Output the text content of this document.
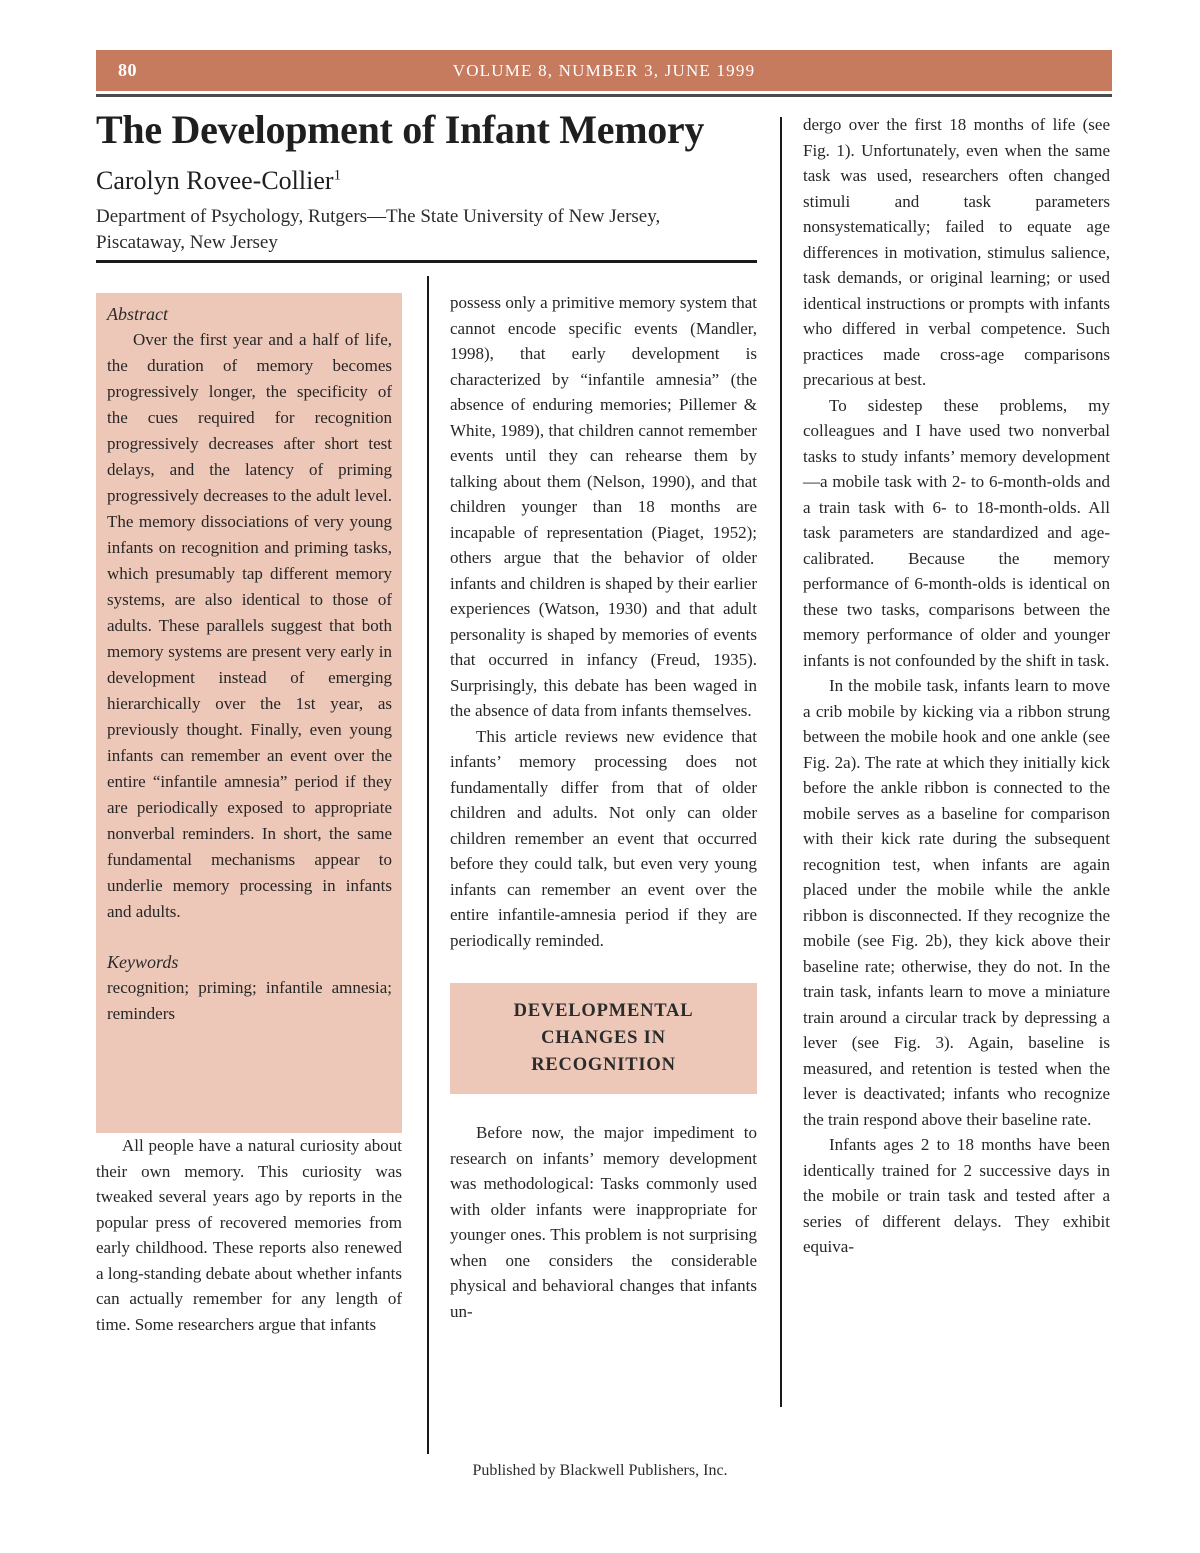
80	VOLUME 8, NUMBER 3, JUNE 1999
The Development of Infant Memory
Carolyn Rovee-Collier$^1$
Department of Psychology, Rutgers—The State University of New Jersey,
Piscataway, New Jersey
Abstract

Over the first year and a half of life, the duration of memory becomes progressively longer, the specificity of the cues required for recognition progressively decreases after short test delays, and the latency of priming progressively decreases to the adult level. The memory dissociations of very young infants on recognition and priming tasks, which presumably tap different memory systems, are also identical to those of adults. These parallels suggest that both memory systems are present very early in development instead of emerging hierarchically over the 1st year, as previously thought. Finally, even young infants can remember an event over the entire “infantile amnesia” period if they are periodically exposed to appropriate nonverbal reminders. In short, the same fundamental mechanisms appear to underlie memory processing in infants and adults.

Keywords

recognition; priming; infantile amnesia; reminders

All people have a natural curiosity about their own memory. This curiosity was tweaked several years ago by reports in the popular press of recovered memories from early childhood. These reports also renewed a long-standing debate about whether infants can actually remember for any length of time. Some researchers argue that infants

possess only a primitive memory system that cannot encode specific events (Mandler, 1998), that early development is characterized by “infantile amnesia” (the absence of enduring memories; Pillemer & White, 1989), that children cannot remember events until they can rehearse them by talking about them (Nelson, 1990), and that children younger than 18 months are incapable of representation (Piaget, 1952); others argue that the behavior of older infants and children is shaped by their earlier experiences (Watson, 1930) and that adult personality is shaped by memories of events that occurred in infancy (Freud, 1935). Surprisingly, this debate has been waged in the absence of data from infants themselves.

This article reviews new evidence that infants’ memory processing does not fundamentally differ from that of older children and adults. Not only can older children remember an event that occurred before they could talk, but even very young infants can remember an event over the entire infantile-amnesia period if they are periodically reminded.

DEVELOPMENTAL CHANGES IN RECOGNITION

Before now, the major impediment to research on infants’ memory development was methodological: Tasks commonly used with older infants were inappropriate for younger ones. This problem is not surprising when one considers the considerable physical and behavioral changes that infants un-

dergo over the first 18 months of life (see Fig. 1). Unfortunately, even when the same task was used, researchers often changed stimuli and task parameters nonsystematically; failed to equate age differences in motivation, stimulus salience, task demands, or original learning; or used identical instructions or prompts with infants who differed in verbal competence. Such practices made cross-age comparisons precarious at best.

To sidestep these problems, my colleagues and I have used two nonverbal tasks to study infants’ memory development—a mobile task with 2- to 6-month-olds and a train task with 6- to 18-month-olds. All task parameters are standardized and age-calibrated. Because the memory performance of 6-month-olds is identical on these two tasks, comparisons between the memory performance of older and younger infants is not confounded by the shift in task.

In the mobile task, infants learn to move a crib mobile by kicking via a ribbon strung between the mobile hook and one ankle (see Fig. 2a). The rate at which they initially kick before the ankle ribbon is connected to the mobile serves as a baseline for comparison with their kick rate during the subsequent recognition test, when infants are again placed under the mobile while the ankle ribbon is disconnected. If they recognize the mobile (see Fig. 2b), they kick above their baseline rate; otherwise, they do not. In the train task, infants learn to move a miniature train around a circular track by depressing a lever (see Fig. 3). Again, baseline is measured, and retention is tested when the lever is deactivated; infants who recognize the train respond above their baseline rate.

Infants ages 2 to 18 months have been identically trained for 2 successive days in the mobile or train task and tested after a series of different delays. They exhibit equiva-

Published by Blackwell Publishers, Inc.
